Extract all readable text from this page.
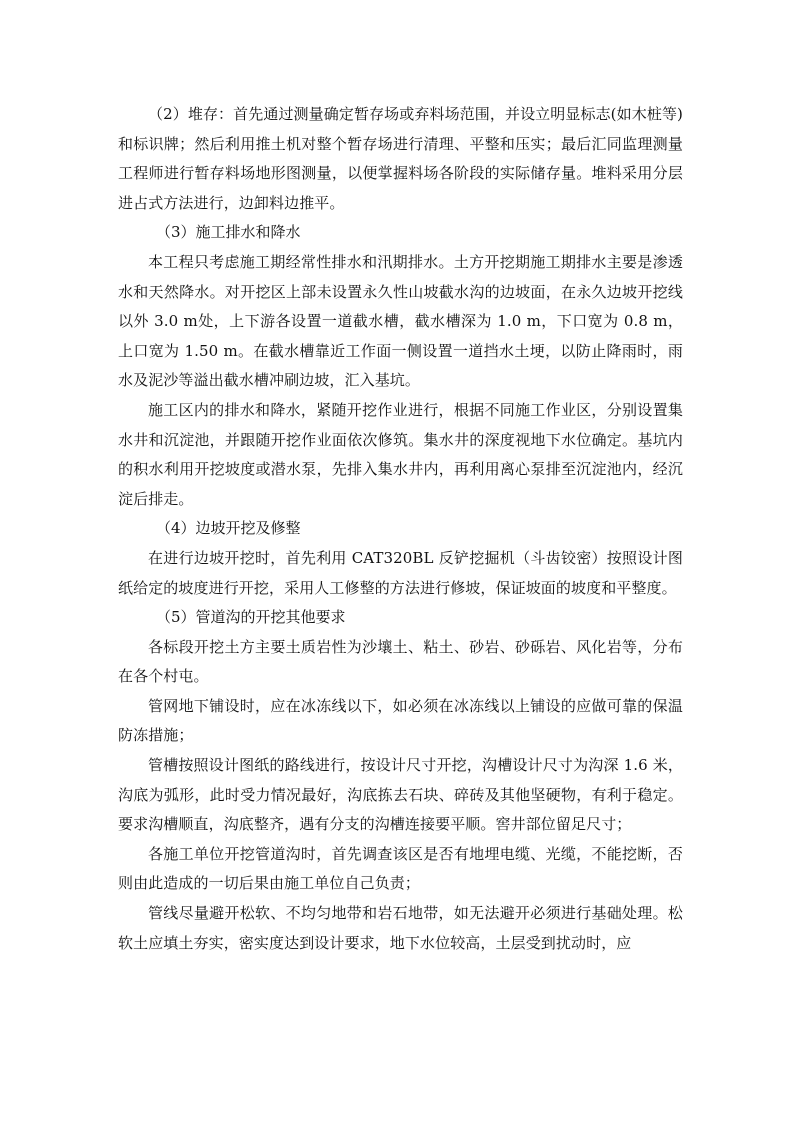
（2）堆存：首先通过测量确定暂存场或弃料场范围，并设立明显标志(如木桩等)和标识牌；然后利用推土机对整个暂存场进行清理、平整和压实；最后汇同监理测量工程师进行暂存料场地形图测量，以便掌握料场各阶段的实际储存量。堆料采用分层进占式方法进行，边卸料边推平。

（3）施工排水和降水

本工程只考虑施工期经常性排水和汛期排水。土方开挖期施工期排水主要是渗透水和天然降水。对开挖区上部未设置永久性山坡截水沟的边坡面，在永久边坡开挖线以外 3.0 m处，上下游各设置一道截水槽，截水槽深为 1.0 m，下口宽为 0.8 m，上口宽为 1.50 m。在截水槽靠近工作面一侧设置一道挡水土埂，以防止降雨时，雨水及泥沙等溢出截水槽冲刷边坡，汇入基坑。

施工区内的排水和降水，紧随开挖作业进行，根据不同施工作业区，分别设置集水井和沉淀池，并跟随开挖作业面依次修筑。集水井的深度视地下水位确定。基坑内的积水利用开挖坡度或潜水泵，先排入集水井内，再利用离心泵排至沉淀池内，经沉淀后排走。

（4）边坡开挖及修整

在进行边坡开挖时，首先利用 CAT320BL 反铲挖掘机（斗齿铰密）按照设计图纸给定的坡度进行开挖，采用人工修整的方法进行修坡，保证坡面的坡度和平整度。

（5）管道沟的开挖其他要求

各标段开挖土方主要土质岩性为沙壤土、粘土、砂岩、砂砾岩、风化岩等，分布在各个村屯。

管网地下铺设时，应在冰冻线以下，如必须在冰冻线以上铺设的应做可靠的保温防冻措施；

管槽按照设计图纸的路线进行，按设计尺寸开挖，沟槽设计尺寸为沟深 1.6 米，沟底为弧形，此时受力情况最好，沟底拣去石块、碎砖及其他坚硬物，有利于稳定。要求沟槽顺直，沟底整齐，遇有分支的沟槽连接要平顺。窖井部位留足尺寸；

各施工单位开挖管道沟时，首先调查该区是否有地埋电缆、光缆，不能挖断，否则由此造成的一切后果由施工单位自己负责；

管线尽量避开松软、不均匀地带和岩石地带，如无法避开必须进行基础处理。松软土应填土夯实，密实度达到设计要求，地下水位较高，土层受到扰动时，应
